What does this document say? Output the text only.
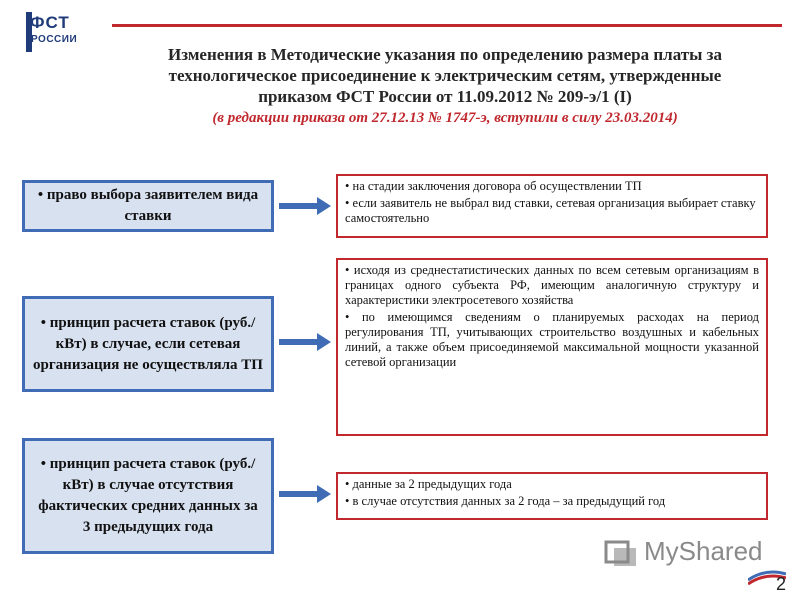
ФСТ
РОССИИ
Изменения в Методические указания по определению размера платы за
технологическое присоединение к электрическим сетям, утвержденные
приказом ФСТ России от 11.09.2012 № 209-э/1 (I)
(в редакции приказа от 27.12.13 № 1747-э, вступили в силу 23.03.2014)
• право выбора заявителем вида ставки
• принцип расчета ставок (руб./кВт) в случае, если сетевая организация не осуществляла ТП
• принцип расчета ставок (руб./кВт) в случае отсутствия фактических средних данных за 3 предыдущих года

• на стадии заключения договора об осуществлении ТП

• если заявитель не выбрал вид ставки, сетевая организация выбирает ставку самостоятельно

• исходя из среднестатистических данных по всем сетевым организациям в границах одного субъекта РФ, имеющим аналогичную структуру и характеристики электросетевого хозяйства

• по имеющимся сведениям о планируемых расходах на период регулирования ТП, учитывающих строительство воздушных и кабельных линий, а также объем присоединяемой максимальной мощности указанной сетевой организации

• данные за 2 предыдущих года

• в случае отсутствия данных за 2 года – за предыдущий год

MyShared
2
